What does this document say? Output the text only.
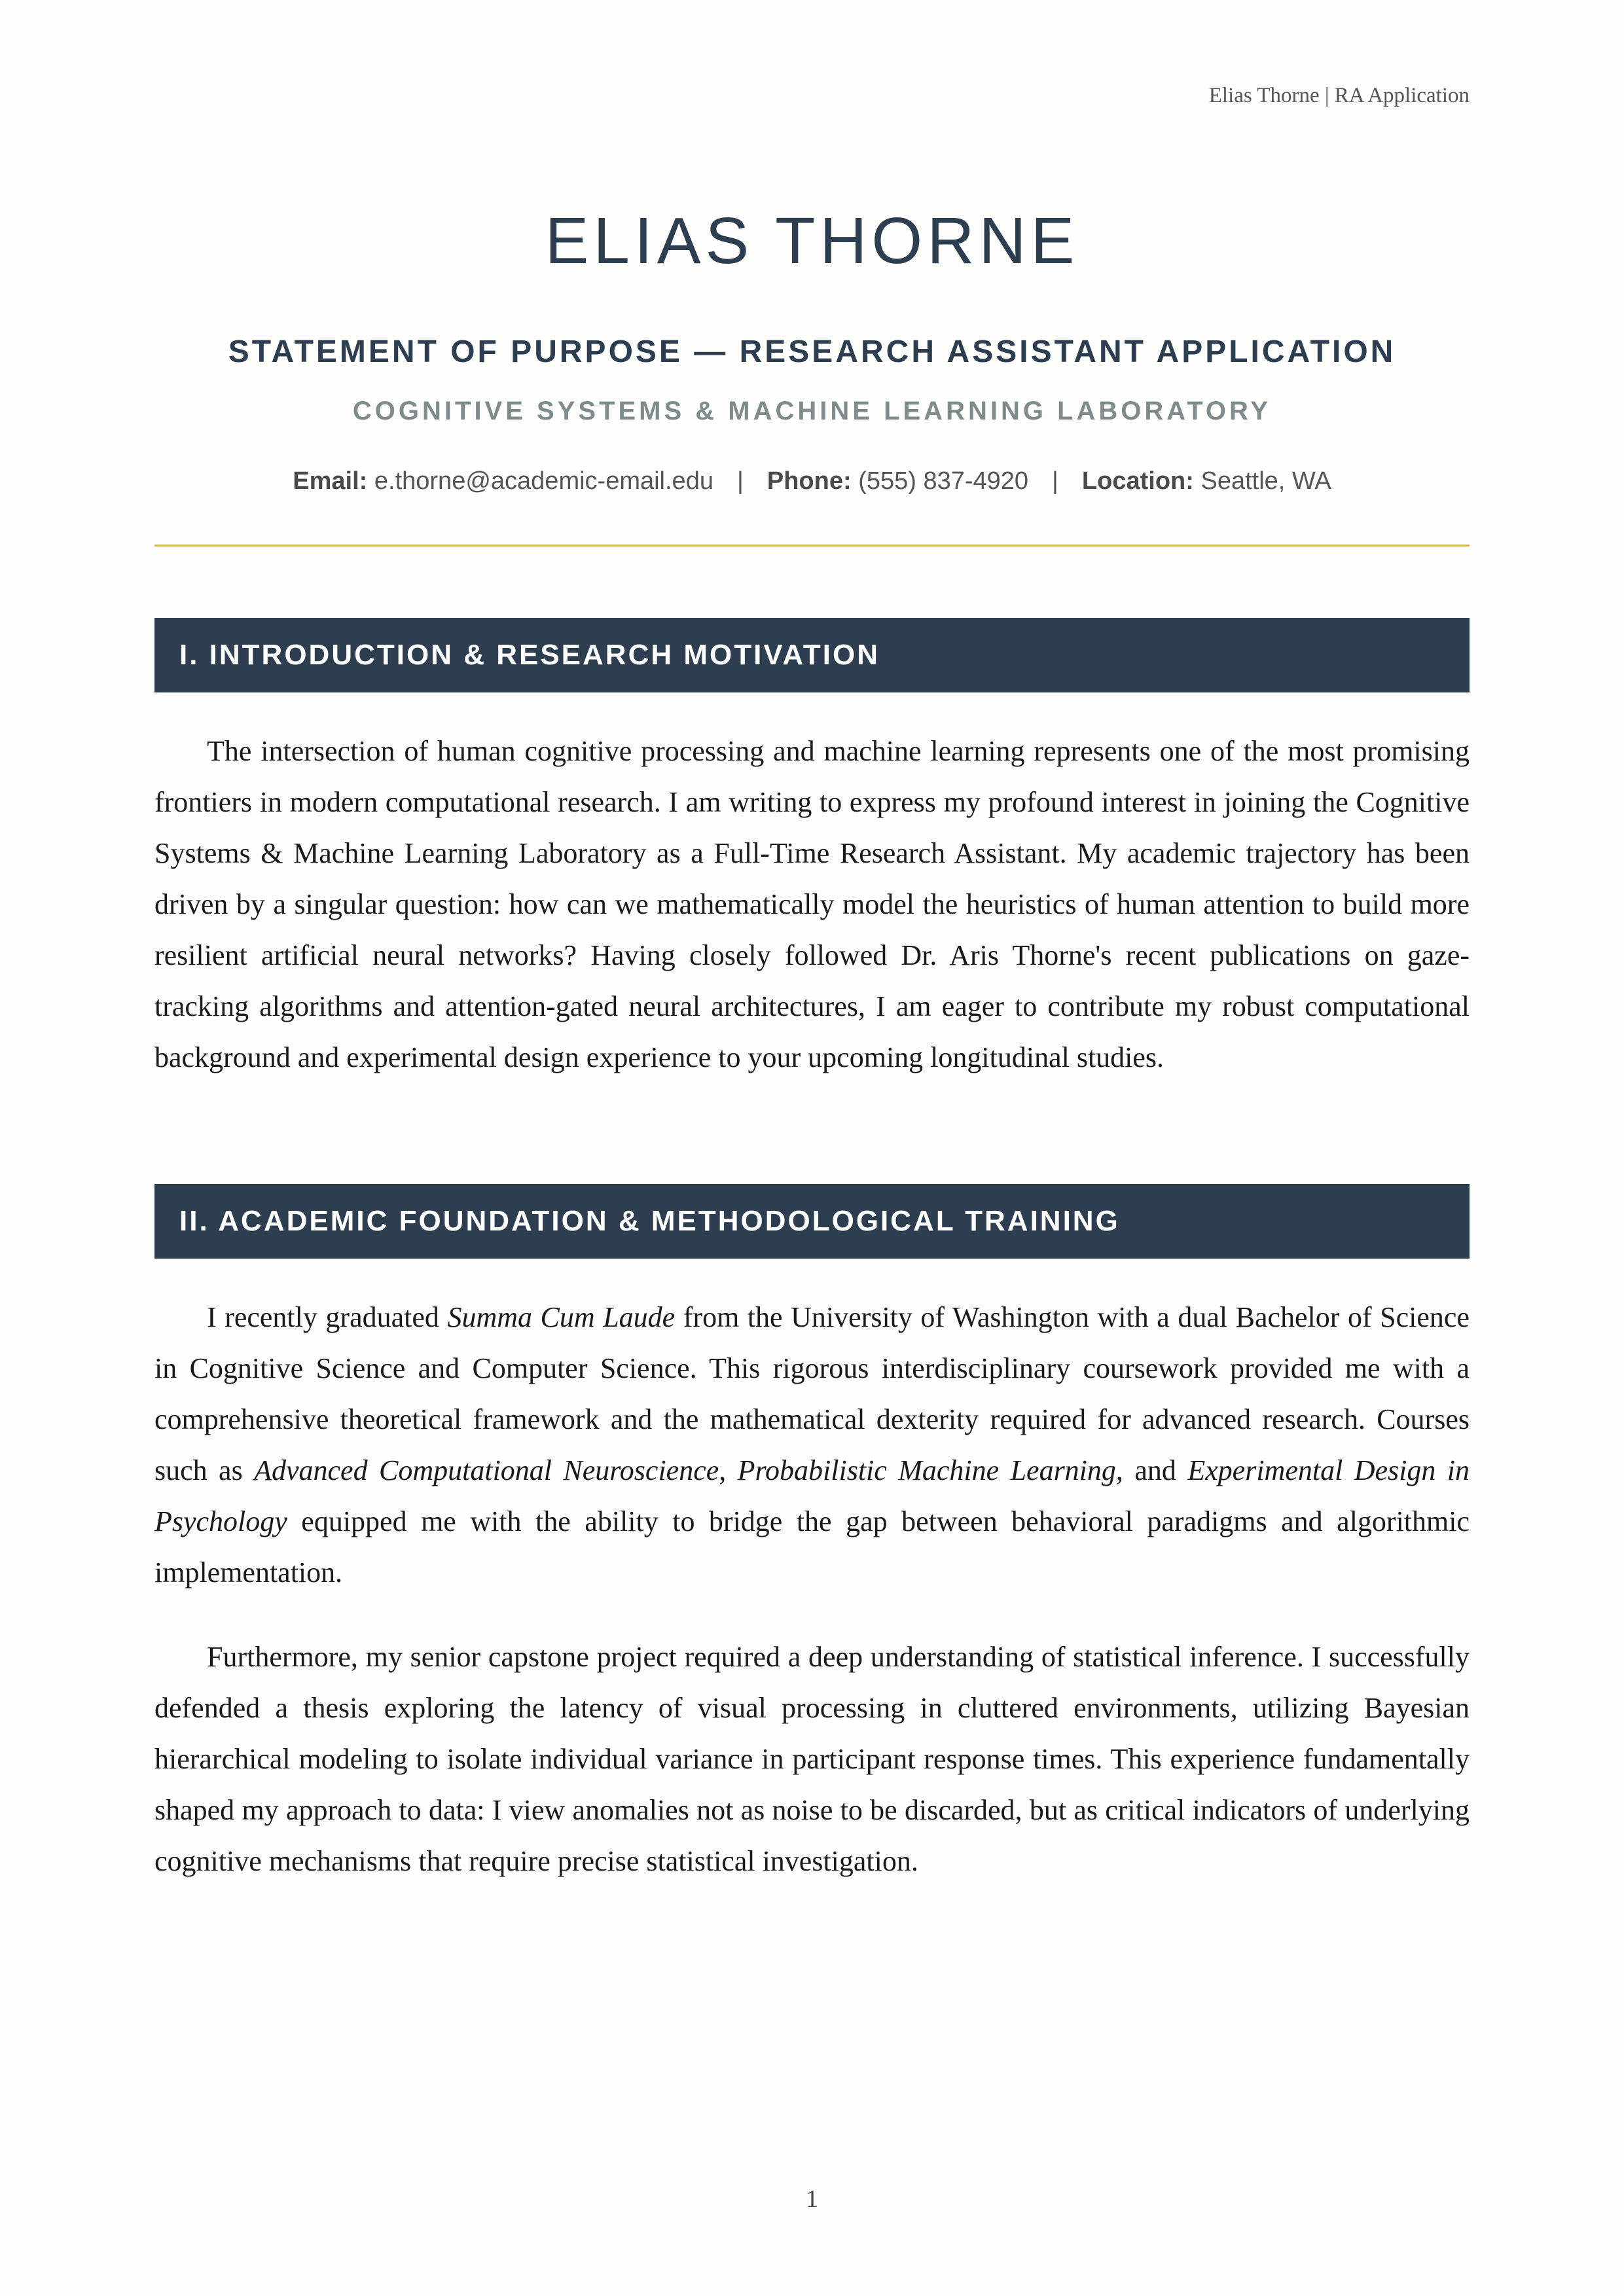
Elias Thorne | RA Application
ELIAS THORNE
STATEMENT OF PURPOSE — RESEARCH ASSISTANT APPLICATION
COGNITIVE SYSTEMS & MACHINE LEARNING LABORATORY
Email: e.thorne@academic-email.edu | Phone: (555) 837-4920 | Location: Seattle, WA
I. INTRODUCTION & RESEARCH MOTIVATION

The intersection of human cognitive processing and machine learning represents one of the most promising frontiers in modern computational research. I am writing to express my profound interest in joining the Cognitive Systems & Machine Learning Laboratory as a Full-Time Research Assistant. My academic trajectory has been driven by a singular question: how can we mathematically model the heuristics of human attention to build more resilient artificial neural networks? Having closely followed Dr. Aris Thorne's recent publications on gaze-tracking algorithms and attention-gated neural architectures, I am eager to contribute my robust computational background and experimental design experience to your upcoming longitudinal studies.

II. ACADEMIC FOUNDATION & METHODOLOGICAL TRAINING

I recently graduated Summa Cum Laude from the University of Washington with a dual Bachelor of Science in Cognitive Science and Computer Science. This rigorous interdisciplinary coursework provided me with a comprehensive theoretical framework and the mathematical dexterity required for advanced research. Courses such as Advanced Computational Neuroscience, Probabilistic Machine Learning, and Experimental Design in Psychology equipped me with the ability to bridge the gap between behavioral paradigms and algorithmic implementation.

Furthermore, my senior capstone project required a deep understanding of statistical inference. I successfully defended a thesis exploring the latency of visual processing in cluttered environments, utilizing Bayesian hierarchical modeling to isolate individual variance in participant response times. This experience fundamentally shaped my approach to data: I view anomalies not as noise to be discarded, but as critical indicators of underlying cognitive mechanisms that require precise statistical investigation.

1
